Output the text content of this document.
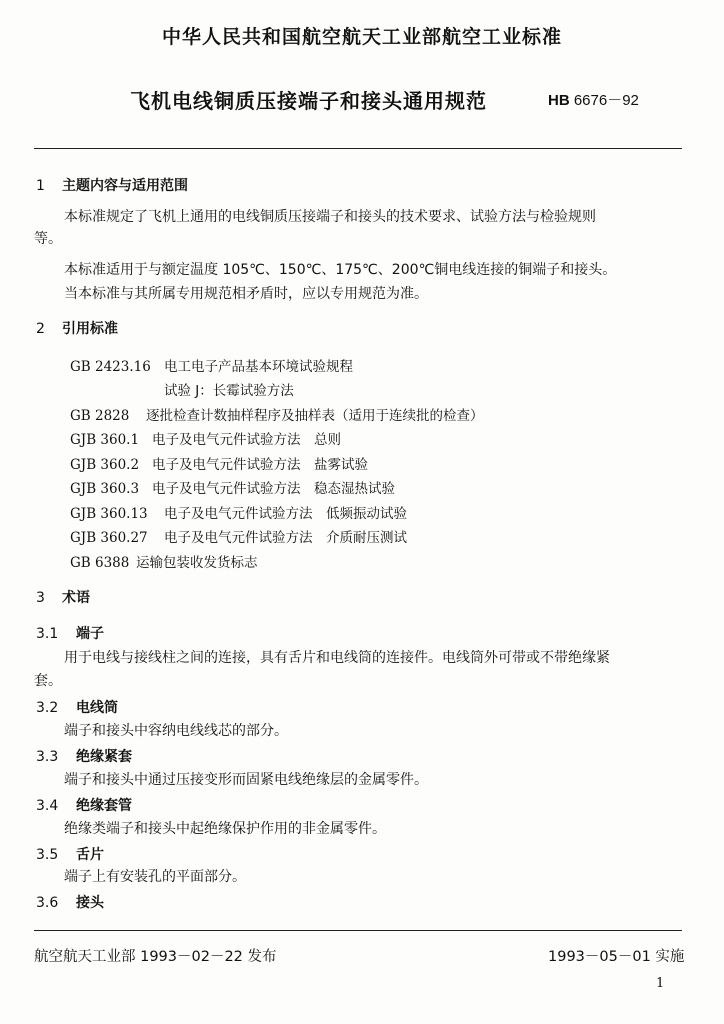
中华人民共和国航空航天工业部航空工业标准
飞机电线铜质压接端子和接头通用规范	HB 6676－92
1 主题内容与适用范围
本标准规定了飞机上通用的电线铜质压接端子和接头的技术要求、试验方法与检验规则
等。
本标准适用于与额定温度 105℃、150℃、175℃、200℃铜电线连接的铜端子和接头。
当本标准与其所属专用规范相矛盾时，应以专用规范为准。
2 引用标准
GB 2423.16 电工电子产品基本环境试验规程
试验 J：长霉试验方法
GB 2828 逐批检查计数抽样程序及抽样表（适用于连续批的检查）
GJB 360.1 电子及电气元件试验方法　总则
GJB 360.2 电子及电气元件试验方法　盐雾试验
GJB 360.3 电子及电气元件试验方法　稳态湿热试验
GJB 360.13 电子及电气元件试验方法　低频振动试验
GJB 360.27 电子及电气元件试验方法　介质耐压测试
GB 6388 运输包装收发货标志
3 术语
3.1 端子
用于电线与接线柱之间的连接，具有舌片和电线筒的连接件。电线筒外可带或不带绝缘紧
套。
3.2 电线筒
端子和接头中容纳电线线芯的部分。
3.3 绝缘紧套
端子和接头中通过压接变形而固紧电线绝缘层的金属零件。
3.4 绝缘套管
绝缘类端子和接头中起绝缘保护作用的非金属零件。
3.5 舌片
端子上有安装孔的平面部分。
3.6 接头
航空航天工业部 1993－02－22 发布	1993－05－01 实施
1
